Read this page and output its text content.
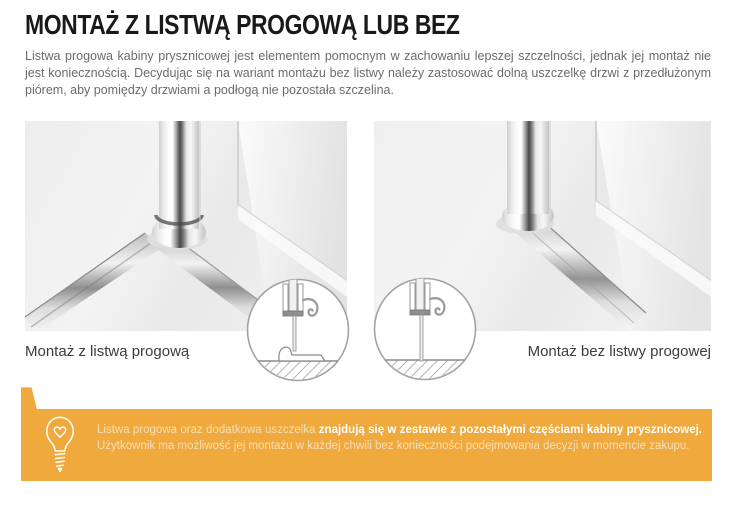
MONTAŻ Z LISTWĄ PROGOWĄ LUB BEZ

Listwa progowa kabiny prysznicowej jest elementem pomocnym w zachowaniu lepszej szczelności, jednak jej montaż nie jest koniecznością. Decydując się na wariant montażu bez listwy należy zastosować dolną uszczelkę drzwi z przedłużonym piórem, aby pomiędzy drzwiami a podłogą nie pozostała szczelina.

Montaż z listwą progową	Montaż bez listwy progowej
Listwa progowa oraz dodatkowa uszczelka znajdują się w zestawie z pozostałymi częściami kabiny prysznicowej.
Użytkownik ma możliwość jej montażu w każdej chwili bez konieczności podejmowania decyzji w momencie zakupu.
